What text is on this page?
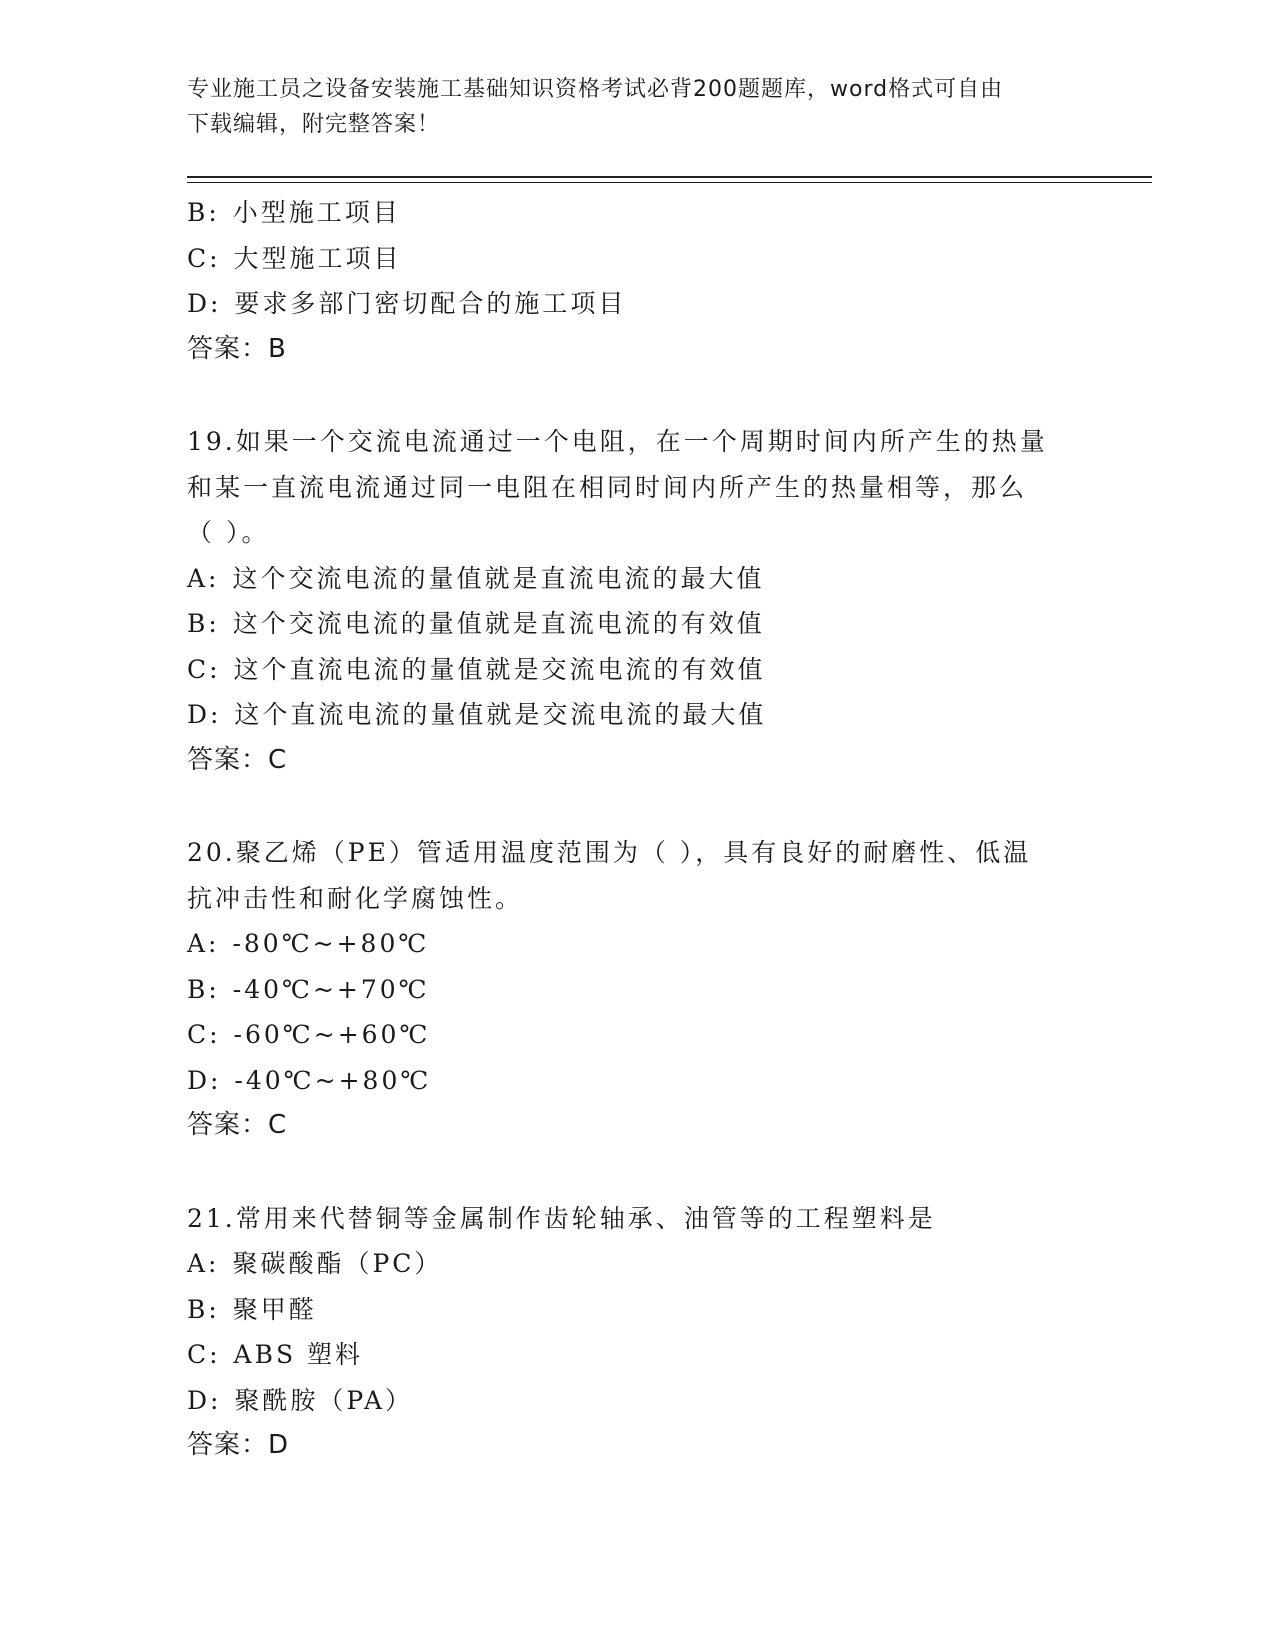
专业施工员之设备安装施工基础知识资格考试必背200题题库，word格式可自由
下载编辑，附完整答案！
B: 小型施工项目
C: 大型施工项目
D: 要求多部门密切配合的施工项目
答案：B
19.如果一个交流电流通过一个电阻，在一个周期时间内所产生的热量
和某一直流电流通过同一电阻在相同时间内所产生的热量相等，那么
（ ）。
A: 这个交流电流的量值就是直流电流的最大值
B: 这个交流电流的量值就是直流电流的有效值
C: 这个直流电流的量值就是交流电流的有效值
D: 这个直流电流的量值就是交流电流的最大值
答案：C
20.聚乙烯（PE）管适用温度范围为（ ），具有良好的耐磨性、低温
抗冲击性和耐化学腐蚀性。
A: -80℃~+80℃
B: -40℃~+70℃
C: -60℃~+60℃
D: -40℃~+80℃
答案：C
21.常用来代替铜等金属制作齿轮轴承、油管等的工程塑料是
A: 聚碳酸酯（PC）
B: 聚甲醛
C: ABS 塑料
D: 聚酰胺（PA）
答案：D
